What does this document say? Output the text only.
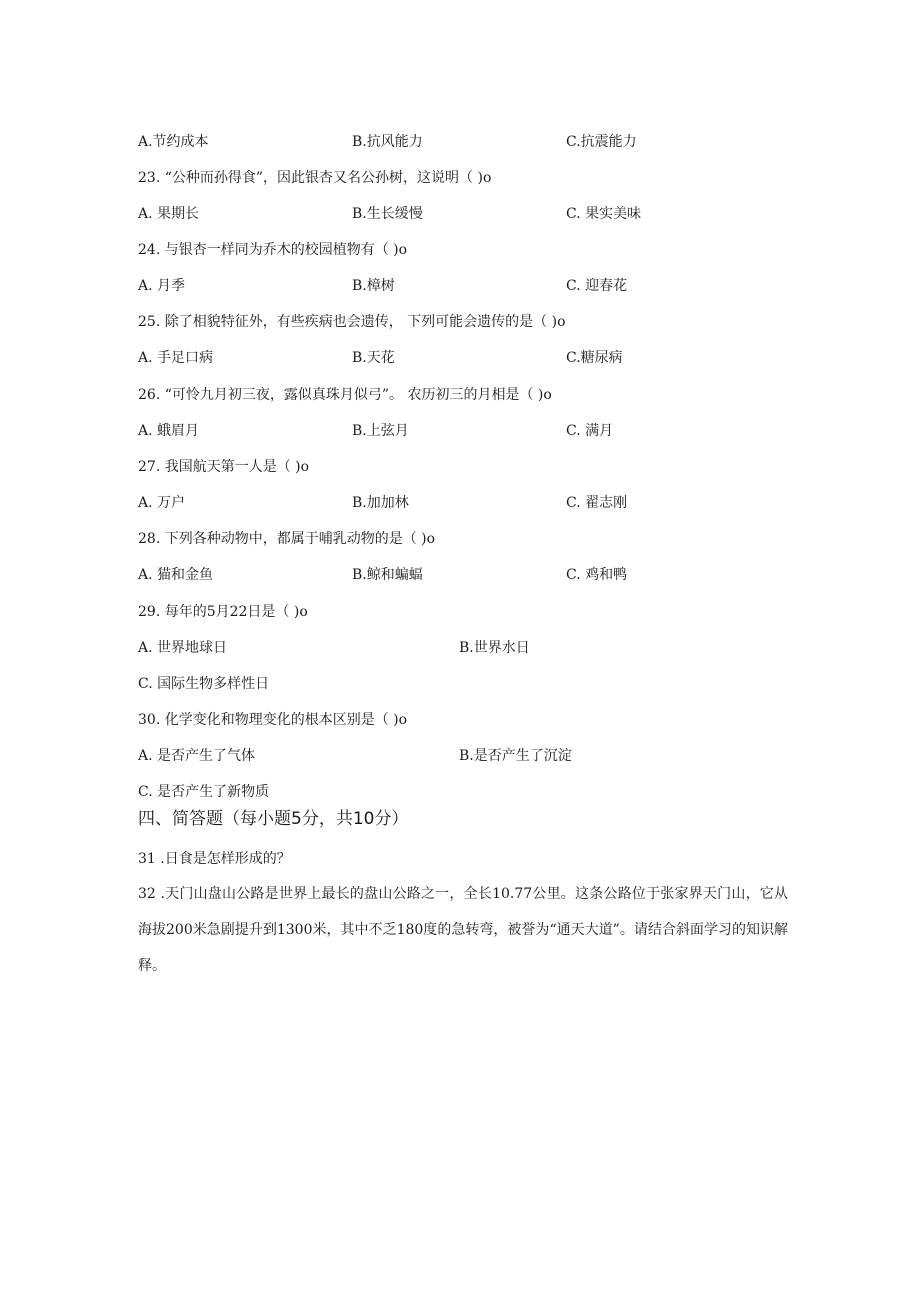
A.节约成本	B.抗风能力	C.抗震能力
23. “公种而孙得食”，因此银杏又名公孙树，这说明（ )o
A. 果期长	B.生长缓慢	C. 果实美味
24. 与银杏一样同为乔木的校园植物有（ )o
A. 月季	B.樟树	C. 迎春花
25. 除了相貌特征外，有些疾病也会遗传， 下列可能会遗传的是（ )o
A. 手足口病	B.天花	C.糖尿病
26. “可怜九月初三夜，露似真珠月似弓”。 农历初三的月相是（ )o
A. 蛾眉月	B.上弦月	C. 满月
27. 我国航天第一人是（ )o
A. 万户	B.加加林	C. 翟志刚
28. 下列各种动物中，都属于哺乳动物的是（ )o
A. 猫和金鱼	B.鲸和蝙蝠	C. 鸡和鸭
29. 每年的5月22日是（ )o
A. 世界地球日	B.世界水日
C. 国际生物多样性日
30. 化学变化和物理变化的根本区别是（ )o
A. 是否产生了气体	B.是否产生了沉淀
C. 是否产生了新物质
四、简答题（每小题5分，共10分）
31 .日食是怎样形成的？
32 .天门山盘山公路是世界上最长的盘山公路之一，全长10.77公里。这条公路位于张家界天门山，它从海拔200米急剧提升到1300米，其中不乏180度的急转弯，被誉为“通天大道”。请结合斜面学习的知识解释。
